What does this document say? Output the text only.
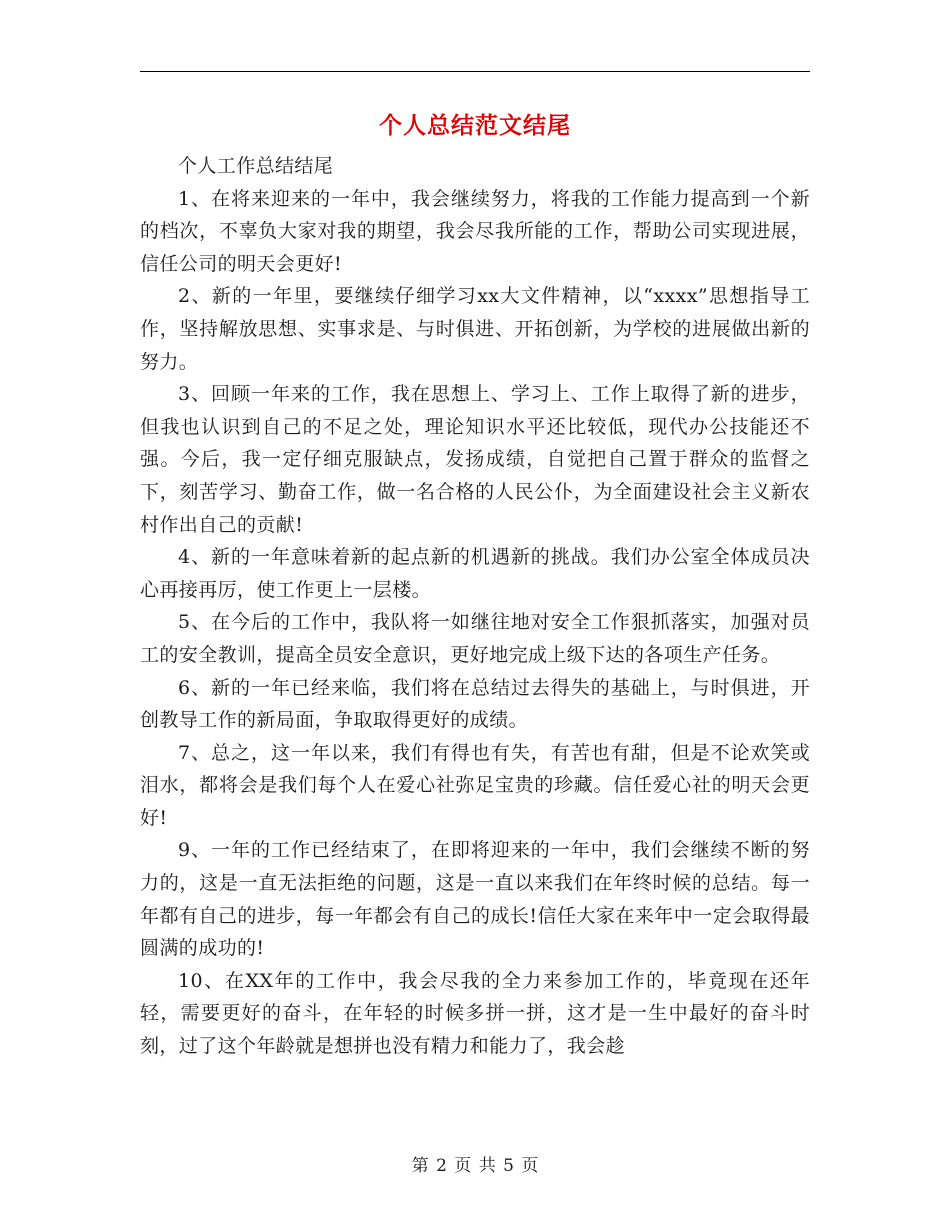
个人总结范文结尾

个人工作总结结尾

1、在将来迎来的一年中，我会继续努力，将我的工作能力提高到一个新的档次，不辜负大家对我的期望，我会尽我所能的工作，帮助公司实现进展，信任公司的明天会更好!

2、新的一年里，要继续仔细学习xx大文件精神，以“xxxx”思想指导工作，坚持解放思想、实事求是、与时俱进、开拓创新，为学校的进展做出新的努力。

3、回顾一年来的工作，我在思想上、学习上、工作上取得了新的进步，但我也认识到自己的不足之处，理论知识水平还比较低，现代办公技能还不强。今后，我一定仔细克服缺点，发扬成绩，自觉把自己置于群众的监督之下，刻苦学习、勤奋工作，做一名合格的人民公仆，为全面建设社会主义新农村作出自己的贡献!

4、新的一年意味着新的起点新的机遇新的挑战。我们办公室全体成员决心再接再厉，使工作更上一层楼。

5、在今后的工作中，我队将一如继往地对安全工作狠抓落实，加强对员工的安全教训，提高全员安全意识，更好地完成上级下达的各项生产任务。

6、新的一年已经来临，我们将在总结过去得失的基础上，与时俱进，开创教导工作的新局面，争取取得更好的成绩。

7、总之，这一年以来，我们有得也有失，有苦也有甜，但是不论欢笑或泪水，都将会是我们每个人在爱心社弥足宝贵的珍藏。信任爱心社的明天会更好!

9、一年的工作已经结束了，在即将迎来的一年中，我们会继续不断的努力的，这是一直无法拒绝的问题，这是一直以来我们在年终时候的总结。每一年都有自己的进步，每一年都会有自己的成长!信任大家在来年中一定会取得最圆满的成功的!

10、在XX年的工作中，我会尽我的全力来参加工作的，毕竟现在还年轻，需要更好的奋斗，在年轻的时候多拼一拼，这才是一生中最好的奋斗时刻，过了这个年龄就是想拼也没有精力和能力了，我会趁

第 2 页 共 5 页
